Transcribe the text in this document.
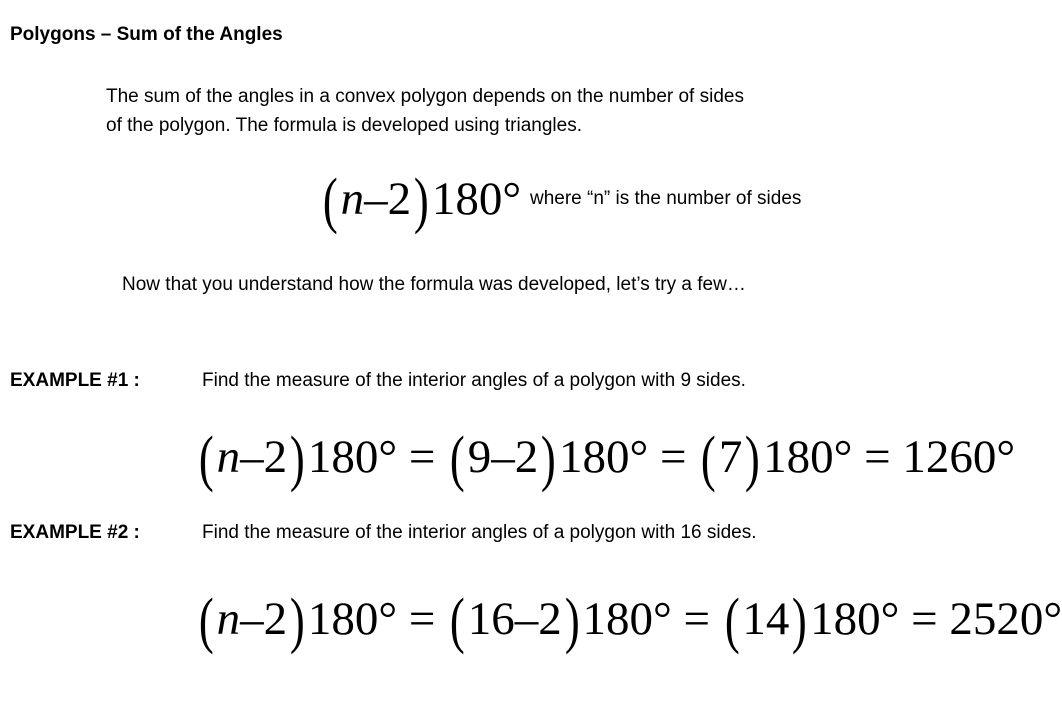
Polygons – Sum of the Angles
The sum of the angles in a convex polygon depends on the number of sides
of the polygon. The formula is developed using triangles.
(n–2)180° where “n” is the number of sides
Now that you understand how the formula was developed, let’s try a few…
EXAMPLE #1 :	Find the measure of the interior angles of a polygon with 9 sides.
(n–2)180° = (9–2)180° = (7)180° = 1260°
EXAMPLE #2 :	Find the measure of the interior angles of a polygon with 16 sides.
(n–2)180° = (16–2)180° = (14)180° = 2520°
